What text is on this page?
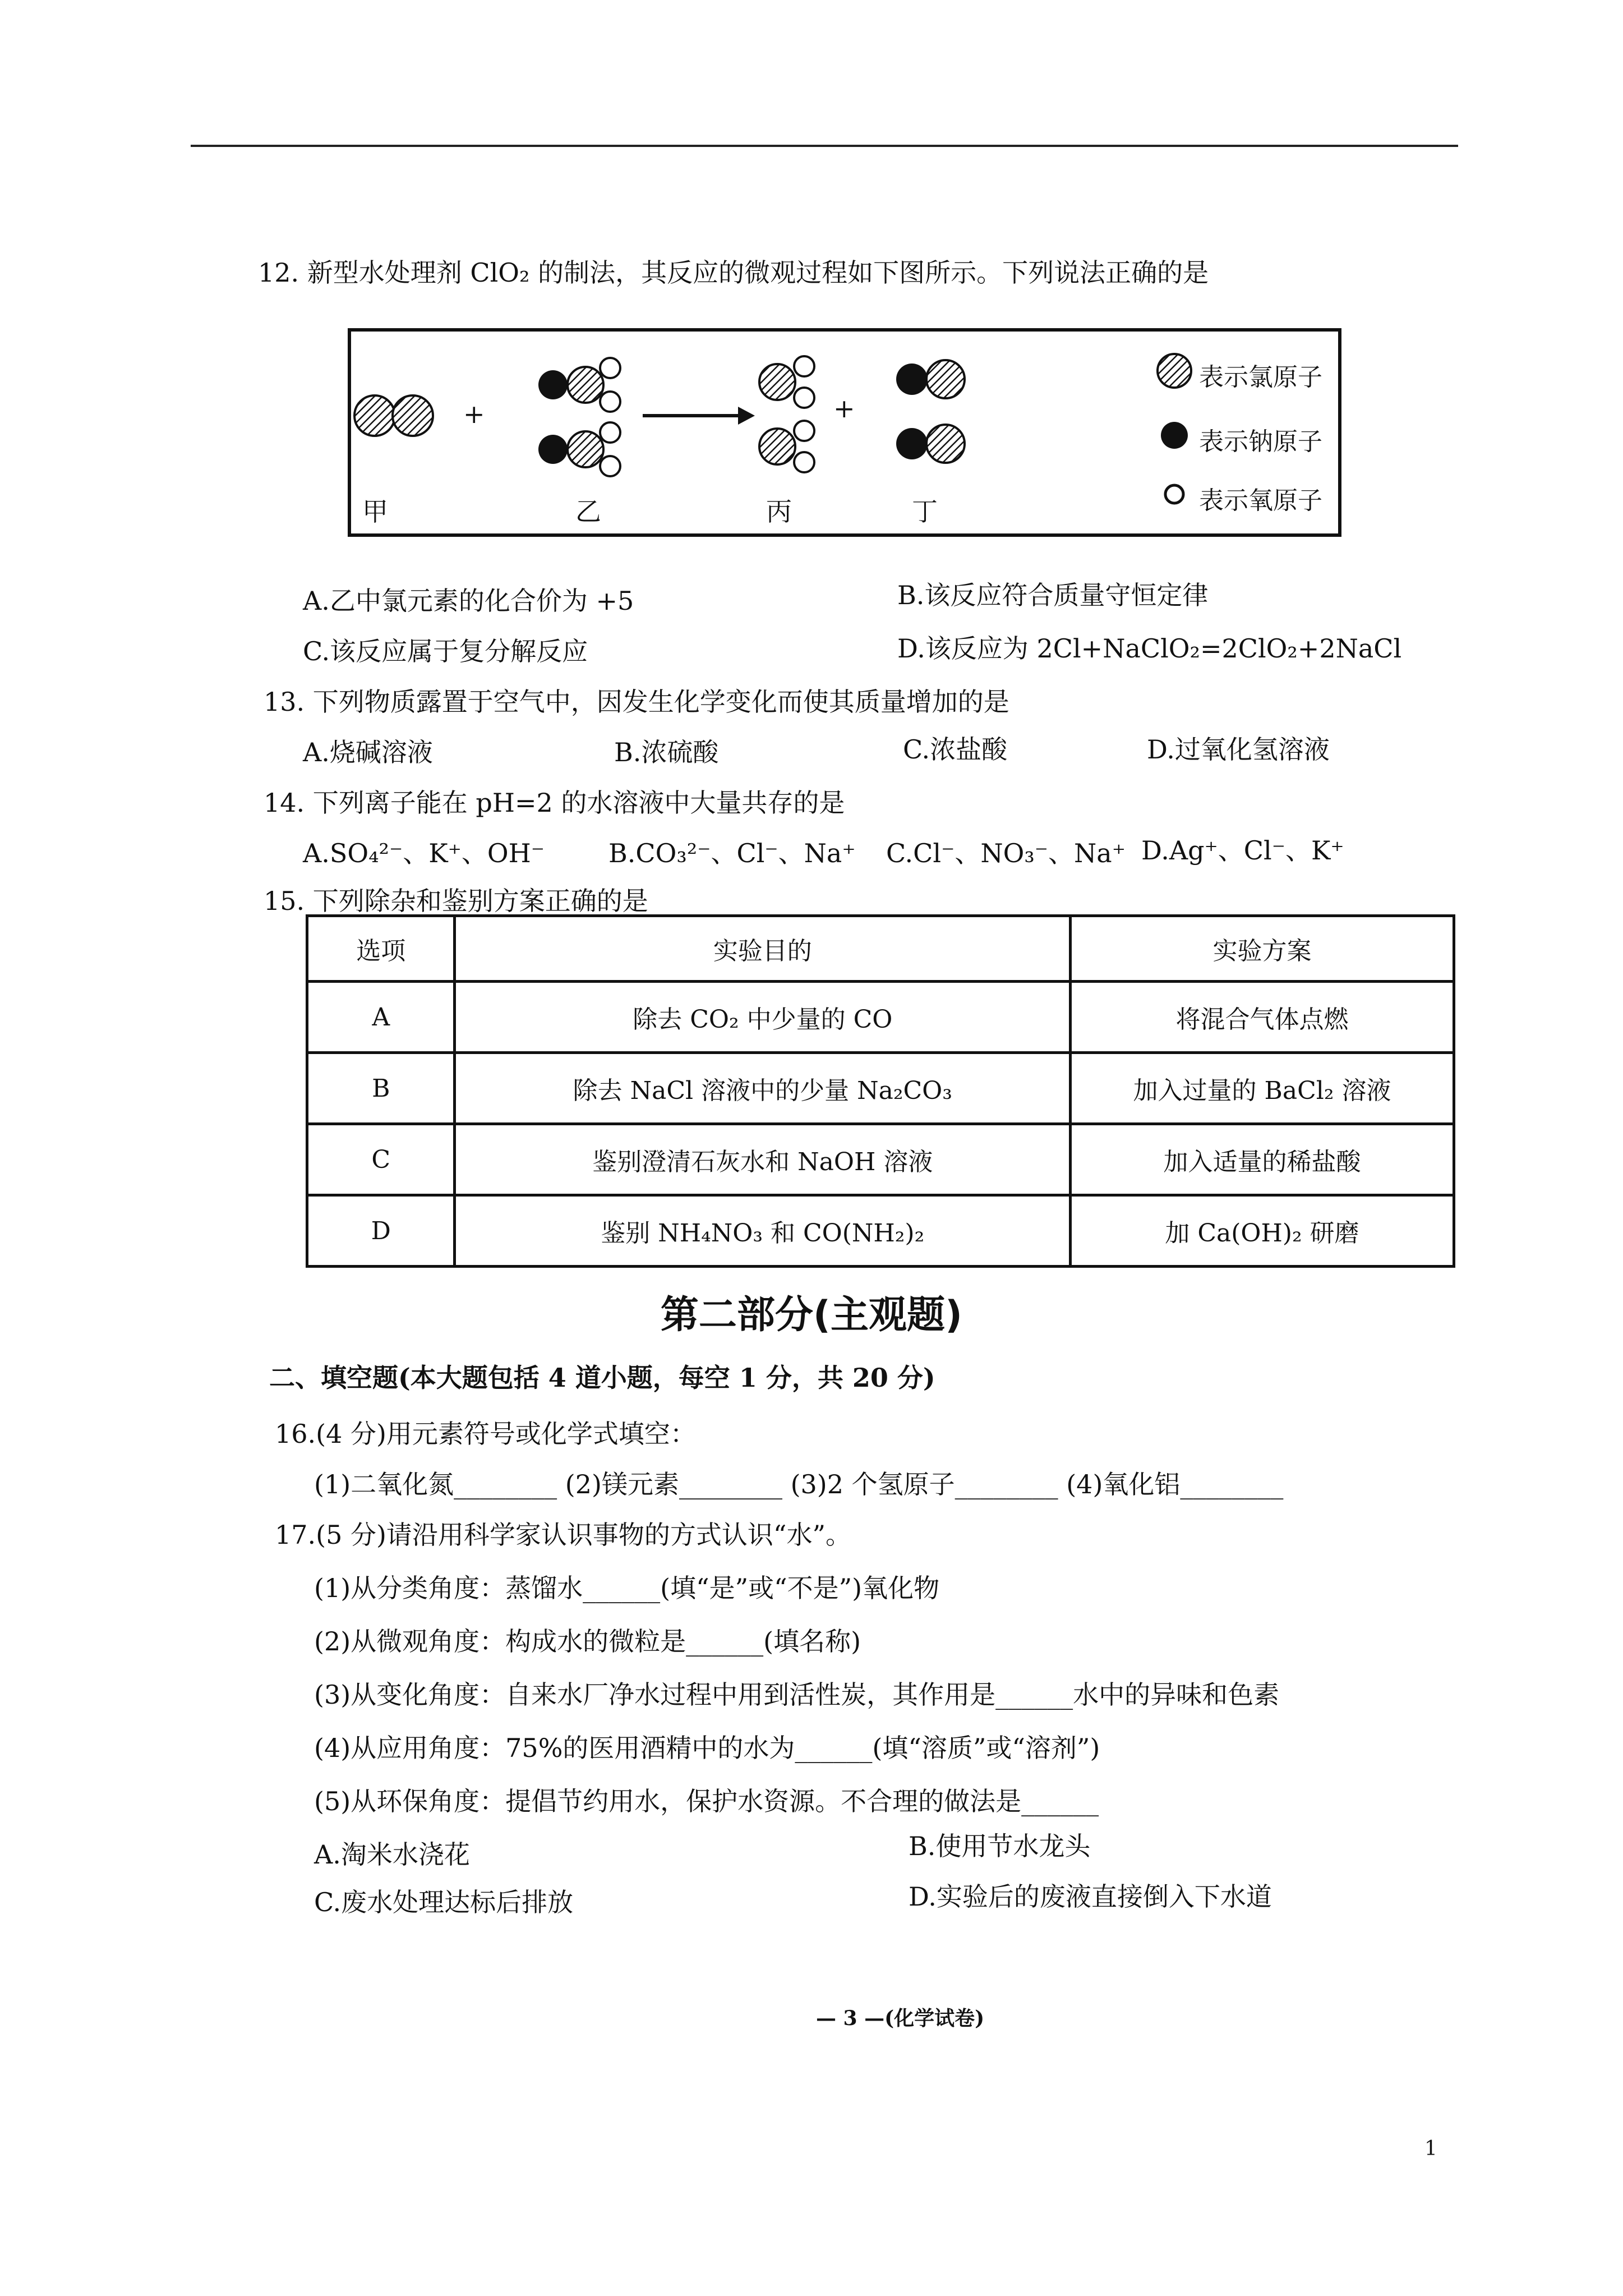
12. 新型水处理剂 ClO₂ 的制法，其反应的微观过程如下图所示。下列说法正确的是
+	+
甲	乙	丙	丁
表示氯原子
表示钠原子
表示氧原子
A.乙中氯元素的化合价为 +5	B.该反应符合质量守恒定律
C.该反应属于复分解反应	D.该反应为 2Cl+NaClO₂=2ClO₂+2NaCl
13. 下列物质露置于空气中，因发生化学变化而使其质量增加的是
A.烧碱溶液	B.浓硫酸	C.浓盐酸	D.过氧化氢溶液
14. 下列离子能在 pH=2 的水溶液中大量共存的是
A.SO₄²⁻、K⁺、OH⁻ B.CO₃²⁻、Cl⁻、Na⁺ C.Cl⁻、NO₃⁻、Na⁺ D.Ag⁺、Cl⁻、K⁺
15. 下列除杂和鉴别方案正确的是
选项	实验目的	实验方案
A	除去 CO₂ 中少量的 CO	将混合气体点燃
B	除去 NaCl 溶液中的少量 Na₂CO₃	加入过量的 BaCl₂ 溶液
C	鉴别澄清石灰水和 NaOH 溶液	加入适量的稀盐酸
D	鉴别 NH₄NO₃ 和 CO(NH₂)₂	加 Ca(OH)₂ 研磨
第二部分(主观题)
二、填空题(本大题包括 4 道小题，每空 1 分，共 20 分)
16.(4 分)用元素符号或化学式填空：
(1)二氧化氮________ (2)镁元素________ (3)2 个氢原子________ (4)氧化铝________
17.(5 分)请沿用科学家认识事物的方式认识“水”。
(1)从分类角度：蒸馏水______(填“是”或“不是”)氧化物
(2)从微观角度：构成水的微粒是______(填名称)
(3)从变化角度：自来水厂净水过程中用到活性炭，其作用是______水中的异味和色素
(4)从应用角度：75%的医用酒精中的水为______(填“溶质”或“溶剂”)
(5)从环保角度：提倡节约用水，保护水资源。不合理的做法是______
A.淘米水浇花	B.使用节水龙头
C.废水处理达标后排放	D.实验后的废液直接倒入下水道
— 3 —(化学试卷)
1
